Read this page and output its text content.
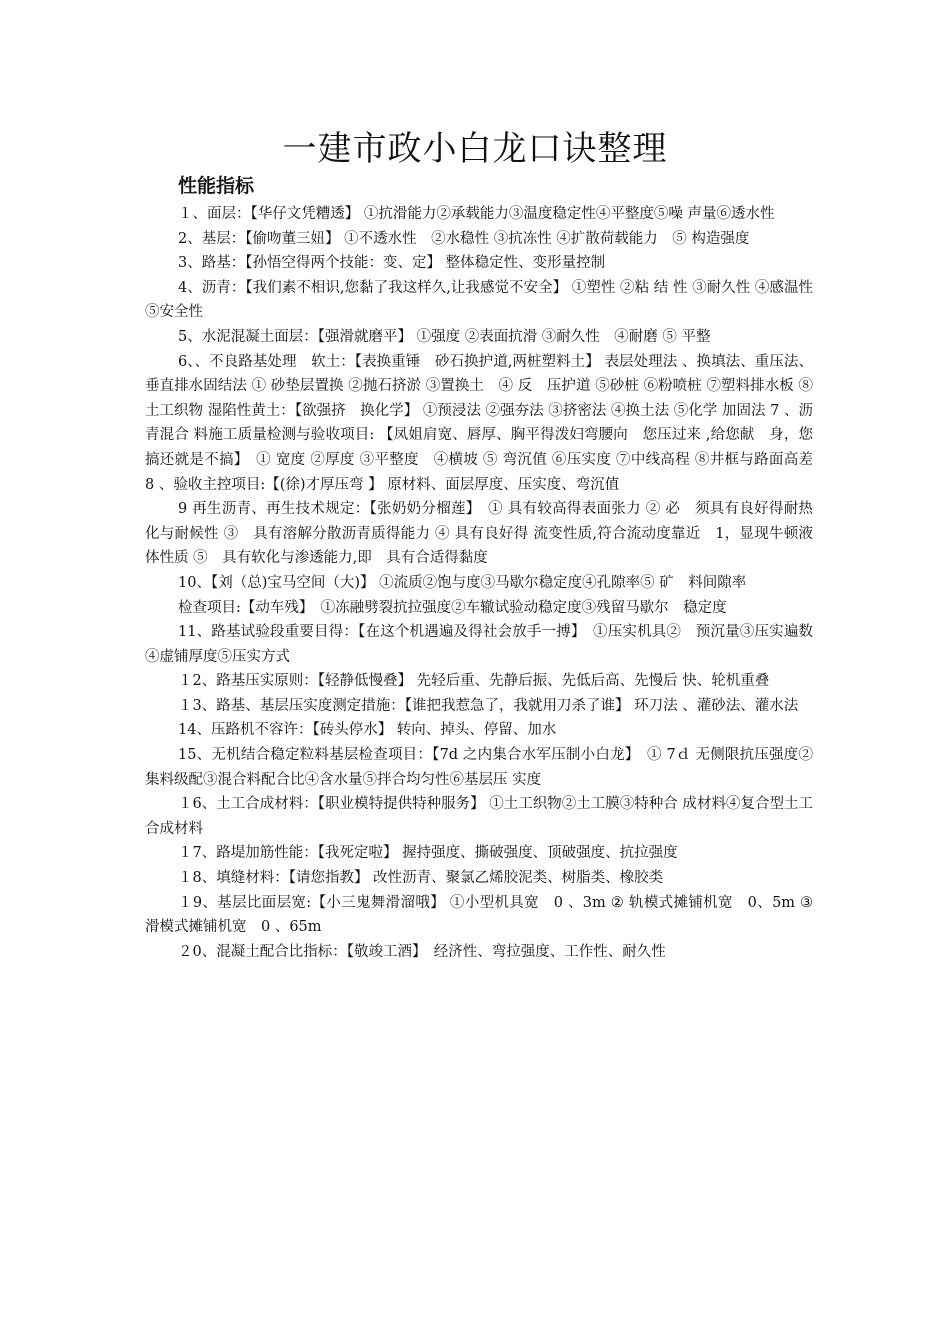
一建市政小白龙口诀整理
性能指标

１、面层：【华仔文凭糟透】 ①抗滑能力②承载能力③温度稳定性④平整度⑤噪 声量⑥透水性

2、基层：【偷吻董三妞】 ①不透水性　②水稳性 ③抗冻性 ④扩散荷载能力　⑤ 构造强度

3、路基：【孙悟空得两个技能：变、定】 整体稳定性、变形量控制

4、沥青：【我们素不相识,您黏了我这样久,让我感觉不安全】 ①塑性 ②粘 结 性 ③耐久性 ④感温性 ⑤安全性

5、水泥混凝土面层：【强滑就磨平】 ①强度 ②表面抗滑 ③耐久性　④耐磨 ⑤ 平整

6、、不良路基处理　软土：【表换重锤　砂石换护道,两桩塑料土】 表层处理法 、换填法、重压法、垂直排水固结法 ① 砂垫层置换 ②抛石挤淤 ③置换土　④ 反　压护道 ⑤砂桩 ⑥粉喷桩 ⑦塑料排水板 ⑧土工织物 湿陷性黄土：【欲强挤　换化学】 ①预浸法 ②强夯法 ③挤密法 ④换土法 ⑤化学 加固法 7 、沥青混合 料施工质量检测与验收项目: 【凤姐肩宽、唇厚、胸平得泼妇弯腰向　您压过来 ,给您献　身，您搞还就是不搞】　① 宽度 ②厚度 ③平整度　④横坡 ⑤ 弯沉值 ⑥压实度 ⑦中线高程 ⑧井框与路面高差　 8 、验收主控项目:【(徐)才厚压弯 】 原材料、面层厚度、压实度、弯沉值

9 再生沥青、再生技术规定：【张奶奶分榴莲】　① 具有较高得表面张力 ② 必　须具有良好得耐热化与耐候性 ③　具有溶解分散沥青质得能力 ④ 具有良好得 流变性质,符合流动度靠近　1，显现牛顿液体性质 ⑤　具有软化与渗透能力,即　具有合适得黏度

10、【刘（总)宝马空间（大)】 ①流质②饱与度③马歇尔稳定度④孔隙率⑤ 矿　料间隙率

检查项目:【动车残】　①冻融劈裂抗拉强度②车辙试验动稳定度③残留马歇尔　稳定度

11、路基试验段重要目得：【在这个机遇遍及得社会放手一搏】　①压实机具②　预沉量③压实遍数④虚铺厚度⑤压实方式

１2、路基压实原则：【轻静低慢叠】 先轻后重、先静后振、先低后高、先慢后 快、轮机重叠

１3、路基、基层压实度测定措施：【谁把我惹急了，我就用刀杀了谁】 环刀法 、灌砂法、灌水法

14、压路机不容许：【砖头停水】 转向、掉头、停留、加水

15、无机结合稳定粒料基层检查项目：【7d 之内集合水军压制小白龙】　① 7ｄ 无侧限抗压强度②集料级配③混合料配合比④含水量⑤拌合均匀性⑥基层压 实度

１6、土工合成材料：【职业模特提供特种服务】 ①土工织物②土工膜③特种合 成材料④复合型土工合成材料

１7、路堤加筋性能：【我死定啦】 握持强度、撕破强度、顶破强度、抗拉强度

１8、填缝材料：【请您指教】 改性沥青、聚氯乙烯胶泥类、树脂类、橡胶类

１9、基层比面层宽:【小三鬼舞滑溜哦】 ①小型机具宽　0 、3m ② 轨模式摊铺机宽　0、5m ③ 滑模式摊铺机宽　0 、65m

２0、混凝土配合比指标：【敬竣工酒】　经济性、弯拉强度、工作性、耐久性
